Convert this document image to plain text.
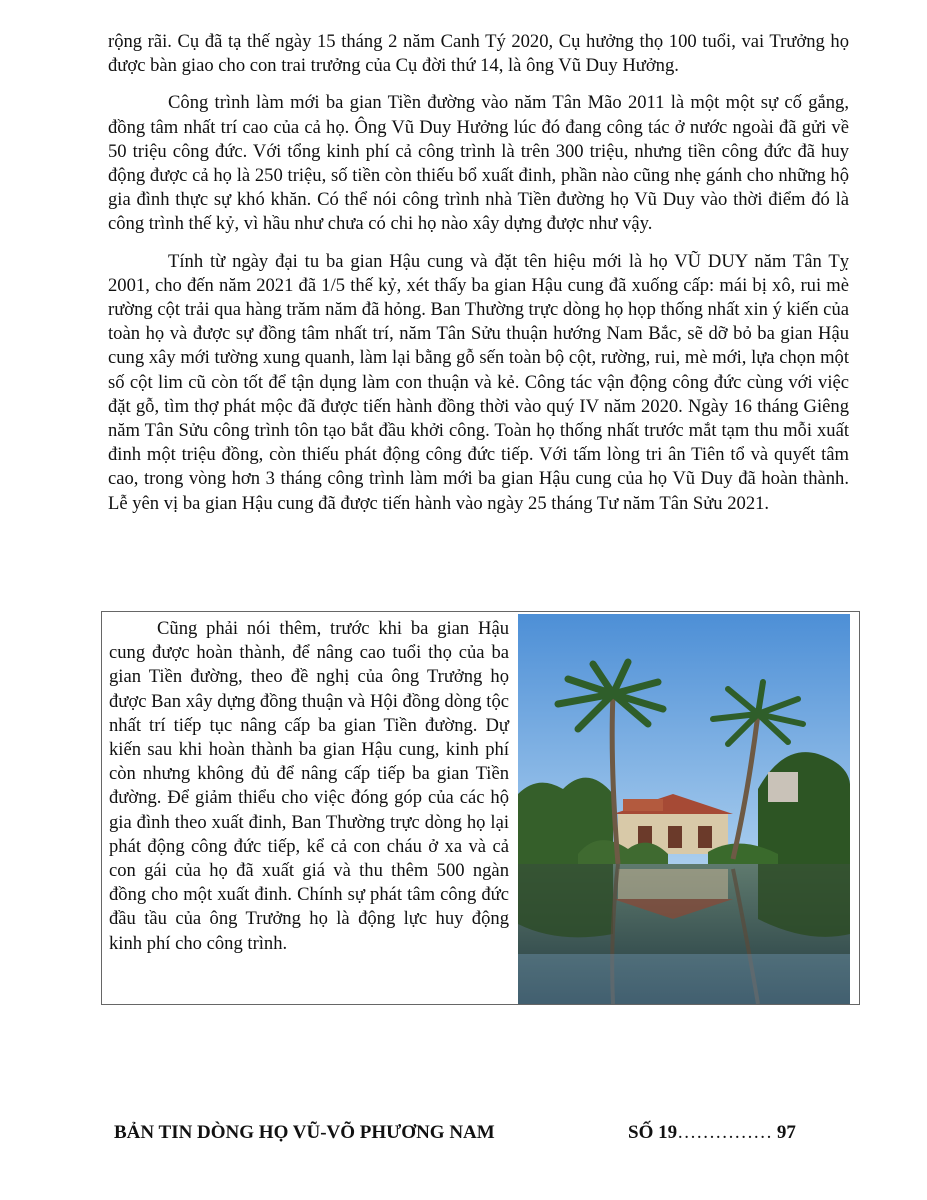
rộng rãi. Cụ đã tạ thế ngày 15 tháng 2 năm Canh Tý 2020, Cụ hưởng thọ 100 tuổi, vai Trưởng họ được bàn giao cho con trai trưởng của Cụ đời thứ 14, là ông Vũ Duy Hưởng.

Công trình làm mới ba gian Tiền đường vào năm Tân Mão 2011 là một một sự cố gắng, đồng tâm nhất trí cao của cả họ. Ông Vũ Duy Hưởng lúc đó đang công tác ở nước ngoài đã gửi về 50 triệu công đức. Với tổng kinh phí cả công trình là trên 300 triệu, nhưng tiền công đức đã huy động được cả họ là 250 triệu, số tiền còn thiếu bổ xuất đinh, phần nào cũng nhẹ gánh cho những hộ gia đình thực sự khó khăn. Có thể nói công trình nhà Tiền đường họ Vũ Duy vào thời điểm đó là công trình thế kỷ, vì hầu như chưa có chi họ nào xây dựng được như vậy.

Tính từ ngày đại tu ba gian Hậu cung và đặt tên hiệu mới là họ VŨ DUY năm Tân Tỵ 2001, cho đến năm 2021 đã 1/5 thế kỷ, xét thấy ba gian Hậu cung đã xuống cấp: mái bị xô, rui mè rường cột trải qua hàng trăm năm đã hỏng. Ban Thường trực dòng họ họp thống nhất xin ý kiến của toàn họ và được sự đồng tâm nhất trí, năm Tân Sửu thuận hướng Nam Bắc, sẽ dỡ bỏ ba gian Hậu cung xây mới tường xung quanh, làm lại bằng gỗ sến toàn bộ cột, rường, rui, mè mới, lựa chọn một số cột lim cũ còn tốt để tận dụng làm con thuận và kẻ. Công tác vận động công đức cùng với việc đặt gỗ, tìm thợ phát mộc đã được tiến hành đồng thời vào quý IV năm 2020. Ngày 16 tháng Giêng năm Tân Sửu công trình tôn tạo bắt đầu khởi công. Toàn họ thống nhất trước mắt tạm thu mỗi xuất đinh một triệu đồng, còn thiếu phát động công đức tiếp. Với tấm lòng tri ân Tiên tổ và quyết tâm cao, trong vòng hơn 3 tháng công trình làm mới ba gian Hậu cung của họ Vũ Duy đã hoàn thành. Lễ yên vị ba gian Hậu cung đã được tiến hành vào ngày 25 tháng Tư năm Tân Sửu 2021.

Cũng phải nói thêm, trước khi ba gian Hậu cung được hoàn thành, để nâng cao tuổi thọ của ba gian Tiền đường, theo đề nghị của ông Trưởng họ được Ban xây dựng đồng thuận và Hội đồng dòng tộc nhất trí tiếp tục nâng cấp ba gian Tiền đường. Dự kiến sau khi hoàn thành ba gian Hậu cung, kinh phí còn nhưng không đủ để nâng cấp tiếp ba gian Tiền đường. Để giảm thiểu cho việc đóng góp của các hộ gia đình theo xuất đinh, Ban Thường trực dòng họ lại phát động công đức tiếp, kể cả con cháu ở xa và cả con gái của họ đã xuất giá và thu thêm 500 ngàn đồng cho một xuất đinh. Chính sự phát tâm công đức đầu tầu của ông Trưởng họ là động lực huy động kinh phí cho công trình.

BẢN TIN DÒNG HỌ VŨ-VÕ PHƯƠNG NAM	SỐ 19…………… 97
